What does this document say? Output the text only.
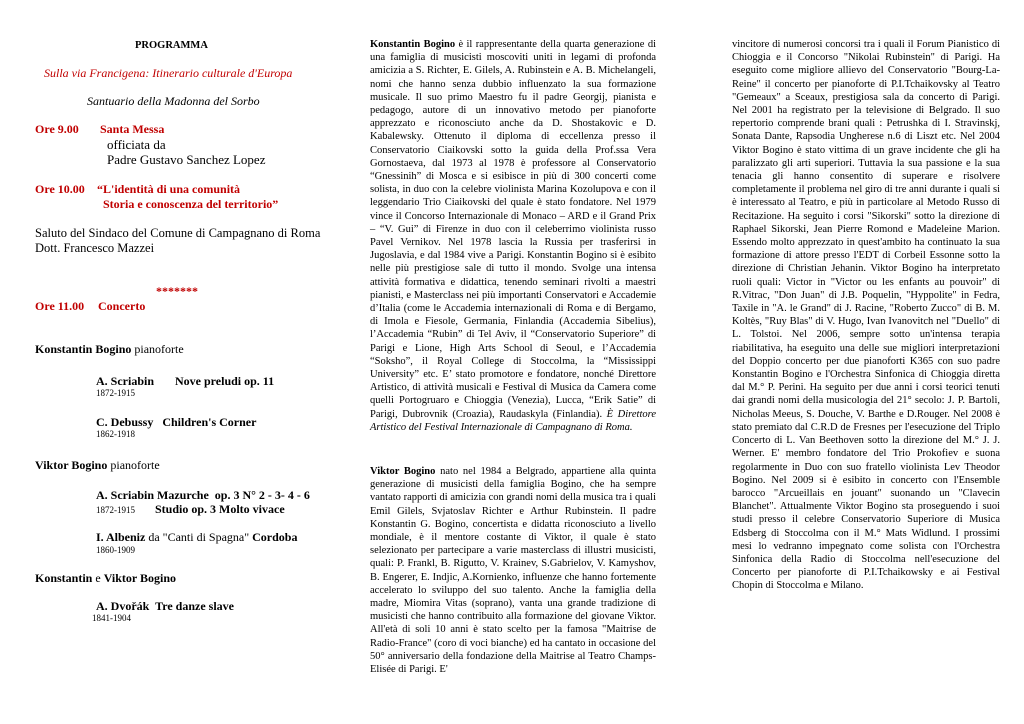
PROGRAMMA
Sulla via Francigena: Itinerario culturale d'Europa
Santuario della Madonna del Sorbo
Ore 9.00 Santa Messa
officiata da
Padre Gustavo Sanchez Lopez
Ore 10.00 “L'identità di una comunità
Storia e conoscenza del territorio”
Saluto del Sindaco del Comune di Campagnano di Roma
Dott. Francesco Mazzei
*******
Ore 11.00 Concerto
Konstantin Bogino pianoforte
A. Scriabin       Nove preludi op. 11
1872-1915
C. Debussy   Children's Corner
1862-1918
Viktor Bogino pianoforte
A. Scriabin Mazurche  op. 3 N° 2 - 3- 4 - 6
1872-1915 Studio op. 3 Molto vivace
I. Albeniz da "Canti di Spagna" Cordoba
1860-1909
Konstantin e Viktor Bogino
A. Dvořák  Tre danze slave
1841-1904
Konstantin Bogino è il rappresentante della quarta generazione di una famiglia di musicisti moscoviti uniti in legami di profonda amicizia a S. Richter, E. Gilels, A. Rubinstein e A. B. Michelangeli, nomi che hanno senza dubbio influenzato la sua formazione musicale. Il suo primo Maestro fu il padre Georgij, pianista e pedagogo, autore di un innovativo metodo per pianoforte apprezzato e riconosciuto anche da D. Shostakovic e D. Kabalewsky. Ottenuto il diploma di eccellenza presso il Conservatorio Ciaikovski sotto la guida della Prof.ssa Vera Gornostaeva, dal 1973 al 1978 è professore al Conservatorio “Gnessinih” di Mosca e si esibisce in più di 300 concerti come solista, in duo con la celebre violinista Marina Kozolupova e con il leggendario Trio Ciaikovski del quale è stato fondatore. Nel 1979 vince il Concorso Internazionale di Monaco – ARD e il Grand Prix – “V. Gui” di Firenze in duo con il celeberrimo violinista russo Pavel Vernikov. Nel 1978 lascia la Russia per trasferirsi in Jugoslavia, e dal 1984 vive a Parigi. Konstantin Bogino si è esibito nelle più prestigiose sale di tutto il mondo. Svolge una intensa attività formativa e didattica, tenendo seminari rivolti a maestri pianisti, e Masterclass nei più importanti Conservatori e Accademie d’Italia (come le Accademia internazionali di Roma e di Bergamo, di Imola e Fiesole, Germania, Finlandia (Accademia Sibelius), l’Accademia “Rubin” di Tel Aviv, il “Conservatorio Superiore” di Parigi e Lione, High Arts School di Seoul, e l’Accademia “Soksho”, il Royal College di Stoccolma, la “Mississippi University” etc. E’ stato promotore e fondatore, nonché Direttore Artistico, di attività musicali e Festival di Musica da Camera come quelli Portogruaro e Chioggia (Venezia), Lucca, “Erik Satie” di Parigi, Dubrovnik (Croazia), Raudaskyla (Finlandia). È Direttore Artistico del Festival Internazionale di Campagnano di Roma.
Viktor Bogino nato nel 1984 a Belgrado, appartiene alla quinta generazione di musicisti della famiglia Bogino, che ha sempre vantato rapporti di amicizia con grandi nomi della musica tra i quali Emil Gilels, Svjatoslav Richter e Arthur Rubinstein. Il padre Konstantin G. Bogino, concertista e didatta riconosciuto a livello mondiale, è il mentore costante di Viktor, il quale è stato selezionato per partecipare a varie masterclass di illustri musicisti, quali: P. Frankl, B. Rigutto, V. Krainev, S.Gabrielov, V. Kamyshov, B. Engerer, E. Indjic, A.Kornienko, influenze che hanno fortemente accelerato lo sviluppo del suo talento. Anche la famiglia della madre, Miomira Vitas (soprano), vanta una grande tradizione di musicisti che hanno contribuito alla formazione del giovane Viktor. All'età di soli 10 anni è stato scelto per la famosa "Maitrise de Radio-France" (coro di voci bianche) ed ha cantato in occasione del 50° anniversario della fondazione della Maitrise al Teatro Champs-Elisée di Parigi. E'
vincitore di numerosi concorsi tra i quali il Forum Pianistico di Chioggia e il Concorso "Nikolai Rubinstein" di Parigi. Ha eseguito come migliore allievo del Conservatorio "Bourg-La-Reine" il concerto per pianoforte di P.I.Tchaikovsky al Teatro "Gemeaux" a Sceaux, prestigiosa sala da concerto di Parigi. Nel 2001 ha registrato per la televisione di Belgrado. Il suo repertorio comprende brani quali : Petrushka di I. Stravinskj, Sonata Dante, Rapsodia Ungherese n.6 di Liszt etc. Nel 2004 Viktor Bogino è stato vittima di un grave incidente che gli ha paralizzato gli arti superiori. Tuttavia la sua passione e la sua tenacia gli hanno consentito di superare e risolvere completamente il problema nel giro di tre anni durante i quali si è interessato al Teatro, e più in particolare al Metodo Russo di Recitazione. Ha seguito i corsi "Sikorski" sotto la direzione di Raphael Sikorski, Jean Pierre Romond e Madeleine Marion. Essendo molto apprezzato in quest'ambito ha continuato la sua formazione di attore presso l'EDT di Corbeil Essonne sotto la direzione di Christian Jehanin. Viktor Bogino ha interpretato ruoli quali: Victor in "Victor ou les enfants au pouvoir" di R.Vitrac, "Don Juan" di J.B. Poquelin, "Hyppolite" in Fedra, Taxile in "A. le Grand" di J. Racine, "Roberto Zucco" di B. M. Koltès, "Ruy Blas" di V. Hugo, Ivan Ivanovitch nel "Duello" di L. Tolstoi. Nel 2006, sempre sotto un'intensa terapia riabilitativa, ha eseguito una delle sue migliori interpretazioni del Doppio concerto per due pianoforti K365 con suo padre Konstantin Bogino e l'Orchestra Sinfonica di Chioggia diretta dal M.° P. Perini. Ha seguito per due anni i corsi teorici tenuti dai grandi nomi della musicologia del 21° secolo: J. P. Bartoli, Nicholas Meeus, S. Douche, V. Barthe e D.Rouger. Nel 2008 è stato premiato dal C.R.D de Fresnes per l'esecuzione del Triplo Concerto di L. Van Beethoven sotto la direzione del M.° J. J. Werner. E' membro fondatore del Trio Prokofiev e suona regolarmente in Duo con suo fratello violinista Lev Theodor Bogino. Nel 2009 si è esibito in concerto con l'Ensemble barocco "Arcueillais en jouant" suonando un "Clavecin Blanchet". Attualmente Viktor Bogino sta proseguendo i suoi studi presso il celebre Conservatorio Superiore di Musica Edsberg di Stoccolma con il M.° Mats Widlund. I prossimi mesi lo vedranno impegnato come solista con l'Orchestra Sinfonica della Radio di Stoccolma nell'esecuzione del Concerto per pianoforte di P.I.Tchaikowsky e ai Festival Chopin di Stoccolma e Milano.
